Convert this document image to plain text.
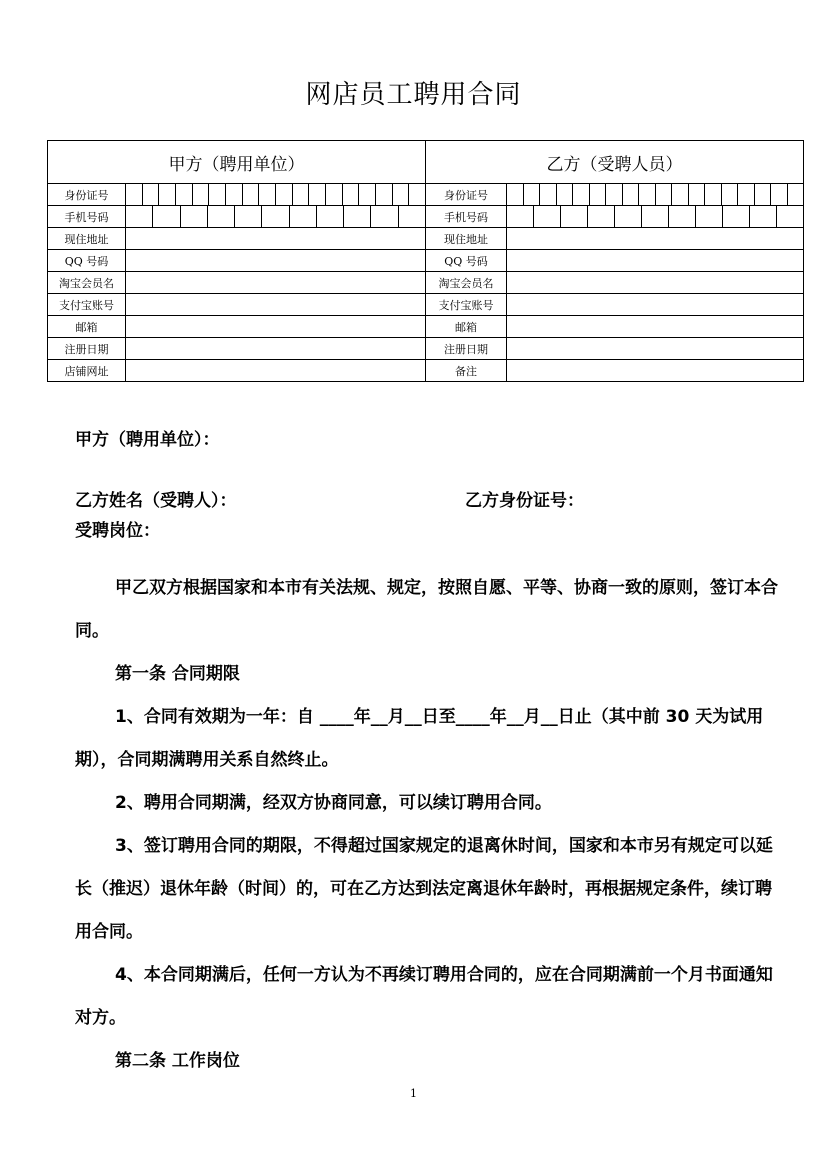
网店员工聘用合同
甲方（聘用单位）		乙方（受聘人员）	
身份证号		身份证号	

手机号码		手机号码	

现住地址		现住地址	
QQ 号码		QQ 号码	
淘宝会员名		淘宝会员名	
支付宝账号		支付宝账号	
邮箱		邮箱	
注册日期		注册日期	
店铺网址		备注	
甲方（聘用单位）：
乙方姓名（受聘人）：	乙方身份证号：
受聘岗位：
甲乙双方根据国家和本市有关法规、规定，按照自愿、平等、协商一致的原则，签订本合同。
第一条 合同期限
1、合同有效期为一年：自 ____年__月__日至____年__月__日止（其中前 30 天为试用期），合同期满聘用关系自然终止。
2、聘用合同期满，经双方协商同意，可以续订聘用合同。
3、签订聘用合同的期限，不得超过国家规定的退离休时间，国家和本市另有规定可以延长（推迟）退休年龄（时间）的，可在乙方达到法定离退休年龄时，再根据规定条件，续订聘用合同。
4、本合同期满后，任何一方认为不再续订聘用合同的，应在合同期满前一个月书面通知对方。
第二条 工作岗位
1
